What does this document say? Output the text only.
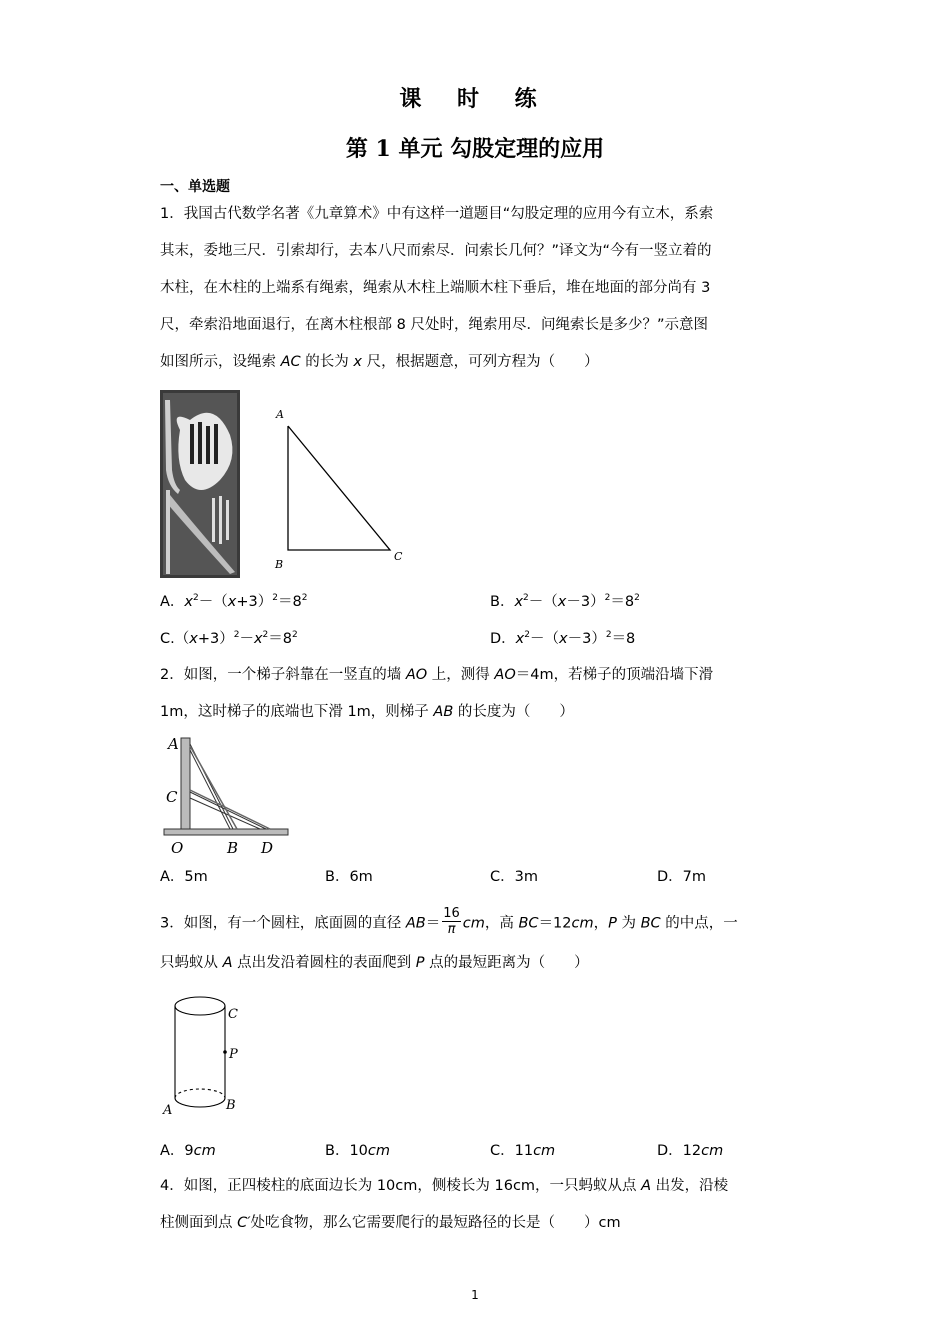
课 时 练
第 1 单元 勾股定理的应用
一、单选题
1．我国古代数学名著《九章算术》中有这样一道题目“勾股定理的应用今有立木，系索
其末，委地三尺．引索却行，去本八尺而索尽．问索长几何？”译文为“今有一竖立着的
木柱，在木柱的上端系有绳索，绳索从木柱上端顺木柱下垂后，堆在地面的部分尚有 3
尺，牵索沿地面退行，在离木柱根部 8 尺处时，绳索用尽．问绳索长是多少？”示意图
如图所示，设绳索 AC 的长为 x 尺，根据题意，可列方程为（　　）
A
B
C
A．$x^2-(x+3)^2=8^2$	B．$x^2-(x-3)^2=8^2$
$C.(x+3)^2-x^2=8^2$	D．$x^2-(x-3)^2=8$
2．如图，一个梯子斜靠在一竖直的墙 AO 上，测得 AO＝4m，若梯子的顶端沿墙下滑
1m，这时梯子的底端也下滑 1m，则梯子 AB 的长度为（　　）
A
C
O	B D
A．5m	B．6m	C．3m	D．7m
3．如图，有一个圆柱，底面圆的直径 $AB= \frac{16}{\pi}$ cm，高 BC＝12cm，P 为 BC 的中点，一
只蚂蚁从 A 点出发沿着圆柱的表面爬到 P 点的最短距离为（　　）
C
P
A	B
A．9cm	B．10cm	C．11cm	D．12cm
4．如图，正四棱柱的底面边长为 10cm，侧棱长为 16cm，一只蚂蚁从点 A 出发，沿棱
柱侧面到点 C′处吃食物，那么它需要爬行的最短路径的长是（　　）cm
1
